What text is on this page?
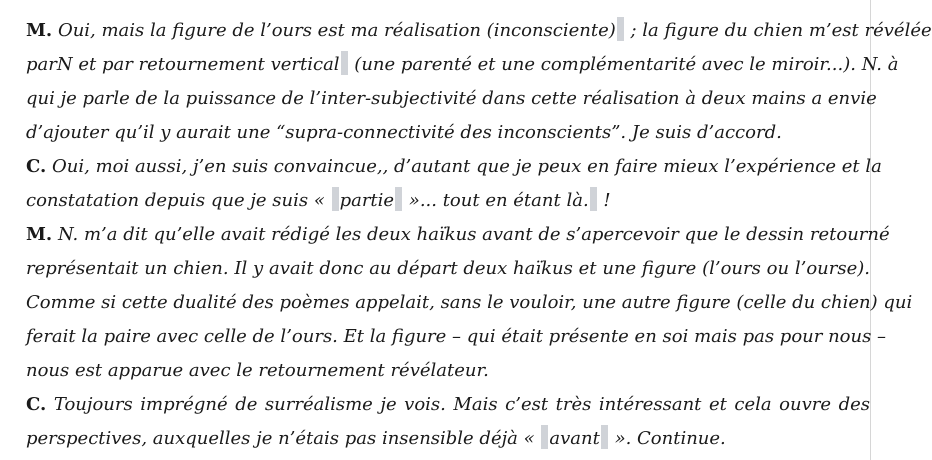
M. Oui, mais la figure de l’ours est ma réalisation (inconsciente) ; la figure du chien m’est révélée
parN et par retournement vertical (une parenté et une complémentarité avec le miroir...). N. à
qui je parle de la puissance de l’inter-subjectivité dans cette réalisation à deux mains a envie
d’ajouter qu’il y aurait une “supra-connectivité des inconscients”. Je suis d’accord.
C. Oui, moi aussi, j’en suis convaincue,, d’autant que je peux en faire mieux l’expérience et la
constatation depuis que je suis « partie »... tout en étant là. !
M. N. m’a dit qu’elle avait rédigé les deux haïkus avant de s’apercevoir que le dessin retourné
représentait un chien. Il y avait donc au départ deux haïkus et une figure (l’ours ou l’ourse).
Comme si cette dualité des poèmes appelait, sans le vouloir, une autre figure (celle du chien) qui
ferait la paire avec celle de l’ours. Et la figure – qui était présente en soi mais pas pour nous –
nous est apparue avec le retournement révélateur.
C. Toujours imprégné de surréalisme je vois. Mais c’est très intéressant et cela ouvre des
perspectives, auxquelles je n’étais pas insensible déjà « avant ». Continue.
